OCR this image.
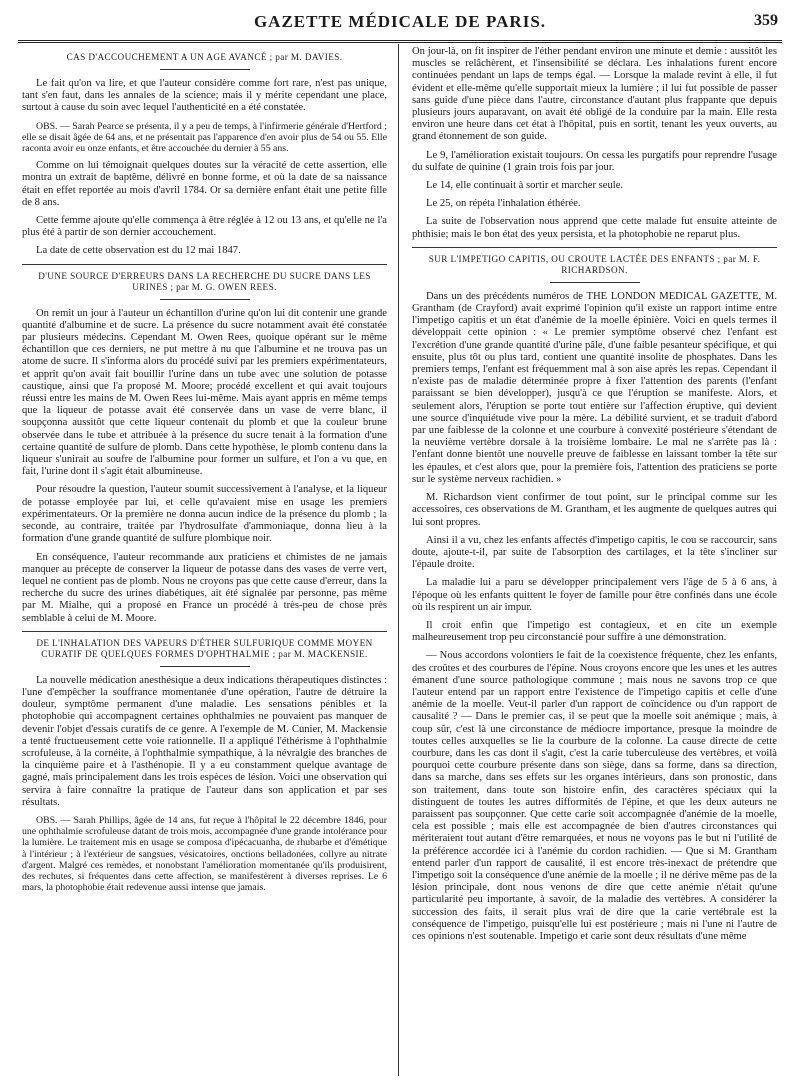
GAZETTE MÉDICALE DE PARIS.	359
CAS D'ACCOUCHEMENT A UN AGE AVANCÉ ; par M. DAVIES.

Le fait qu'on va lire, et que l'auteur considère comme fort rare, n'est pas unique, tant s'en faut, dans les annales de la science; mais il y mérite cependant une place, surtout à cause du soin avec lequel l'authenticité en a été constatée.

OBS. — Sarah Pearce se présenta, il y a peu de temps, à l'infirmerie générale d'Hertford ; elle se disait âgée de 64 ans, et ne présentait pas l'apparence d'en avoir plus de 54 ou 55. Elle raconta avoir eu onze enfants, et être accouchée du dernier à 55 ans.

Comme on lui témoignait quelques doutes sur la véracité de cette assertion, elle montra un extrait de baptême, délivré en bonne forme, et où la date de sa naissance était en effet reportée au mois d'avril 1784. Or sa dernière enfant était une petite fille de 8 ans.

Cette femme ajoute qu'elle commença à être réglée à 12 ou 13 ans, et qu'elle ne l'a plus été à partir de son dernier accouchement.

La date de cette observation est du 12 mai 1847.

D'UNE SOURCE D'ERREURS DANS LA RECHERCHE DU SUCRE DANS LES URINES ; par M. G. OWEN REES.

On remit un jour à l'auteur un échantillon d'urine qu'on lui dit contenir une grande quantité d'albumine et de sucre. La présence du sucre notamment avait été constatée par plusieurs médecins. Cependant M. Owen Rees, quoique opérant sur le même échantillon que ces derniers, ne put mettre à nu que l'albumine et ne trouva pas un atome de sucre. Il s'informa alors du procédé suivi par les premiers expérimentateurs, et apprit qu'on avait fait bouillir l'urine dans un tube avec une solution de potasse caustique, ainsi que l'a proposé M. Moore; procédé excellent et qui avait toujours réussi entre les mains de M. Owen Rees lui-même. Mais ayant appris en même temps que la liqueur de potasse avait été conservée dans un vase de verre blanc, il soupçonna aussitôt que cette liqueur contenait du plomb et que la couleur brune observée dans le tube et attribuée à la présence du sucre tenait à la formation d'une certaine quantité de sulfure de plomb. Dans cette hypothèse, le plomb contenu dans la liqueur s'unirait au soufre de l'albumine pour former un sulfure, et l'on a vu que, en fait, l'urine dont il s'agit était albumineuse.

Pour résoudre la question, l'auteur soumit successivement à l'analyse, et la liqueur de potasse employée par lui, et celle qu'avaient mise en usage les premiers expérimentateurs. Or la première ne donna aucun indice de la présence du plomb ; la seconde, au contraire, traitée par l'hydrosulfate d'ammoniaque, donna lieu à la formation d'une grande quantité de sulfure plombique noir.

En conséquence, l'auteur recommande aux praticiens et chimistes de ne jamais manquer au précepte de conserver la liqueur de potasse dans des vases de verre vert, lequel ne contient pas de plomb. Nous ne croyons pas que cette cause d'erreur, dans la recherche du sucre des urines diabétiques, ait été signalée par personne, pas même par M. Mialhe, qui a proposé en France un procédé à très-peu de chose près semblable à celui de M. Moore.

DE L'INHALATION DES VAPEURS D'ÉTHER SULFURIQUE COMME MOYEN CURATIF DE QUELQUES FORMES D'OPHTHALMIE ; par M. MACKENSIE.

La nouvelle médication anesthésique a deux indications thérapeutiques distinctes : l'une d'empêcher la souffrance momentanée d'une opération, l'autre de détruire la douleur, symptôme permanent d'une maladie. Les sensations pénibles et la photophobie qui accompagnent certaines ophthalmies ne pouvaient pas manquer de devenir l'objet d'essais curatifs de ce genre. A l'exemple de M. Cunier, M. Mackensie a tenté fructueusement cette voie rationnelle. Il a appliqué l'éthérisme à l'ophthalmie scrofuleuse, à la cornéite, à l'ophthalmie sympathique, à la névralgie des branches de la cinquième paire et à l'asthénopie. Il y a eu constamment quelque avantage de gagné, mais principalement dans les trois espèces de lésion. Voici une observation qui servira à faire connaître la pratique de l'auteur dans son application et par ses résultats.

OBS. — Sarah Phillips, âgée de 14 ans, fut reçue à l'hôpital le 22 décembre 1846, pour une ophthalmie scrofuleuse datant de trois mois, accompagnée d'une grande intolérance pour la lumière. Le traitement mis en usage se composa d'ipécacuanha, de rhubarbe et d'émétique à l'intérieur ; à l'extérieur de sangsues, vésicatoires, onctions belladonées, collyre au nitrate d'argent. Malgré ces remèdes, et nonobstant l'amélioration momentanée qu'ils produisirent, des rechutes, si fréquentes dans cette affection, se manifestèrent à diverses reprises. Le 6 mars, la photophobie était redevenue aussi intense que jamais.

On jour-là, on fit inspirer de l'éther pendant environ une minute et demie : aussitôt les muscles se relâchèrent, et l'insensibilité se déclara. Les inhalations furent encore continuées pendant un laps de temps égal. — Lorsque la malade revint à elle, il fut évident et elle-même qu'elle supportait mieux la lumière ; il lui fut possible de passer sans guide d'une pièce dans l'autre, circonstance d'autant plus frappante que depuis plusieurs jours auparavant, on avait été obligé de la conduire par la main. Elle resta environ une heure dans cet état à l'hôpital, puis en sortit, tenant les yeux ouverts, au grand étonnement de son guide.

Le 9, l'amélioration existait toujours. On cessa les purgatifs pour reprendre l'usage du sulfate de quinine (1 grain trois fois par jour.

Le 14, elle continuait à sortir et marcher seule.

Le 25, on répéta l'inhalation éthérée.

La suite de l'observation nous apprend que cette malade fut ensuite atteinte de phthisie; mais le bon état des yeux persista, et la photophobie ne reparut plus.

SUR L'IMPETIGO CAPITIS, OU CROUTE LACTÉE DES ENFANTS ; par M. F. RICHARDSON.

Dans un des précédents numéros de THE LONDON MEDICAL GAZETTE, M. Grantham (de Crayford) avait exprimé l'opinion qu'il existe un rapport intime entre l'impetigo capitis et un état d'anémie de la moelle épinière. Voici en quels termes il développait cette opinion : « Le premier symptôme observé chez l'enfant est l'excrétion d'une grande quantité d'urine pâle, d'une faible pesanteur spécifique, et qui ensuite, plus tôt ou plus tard, contient une quantité insolite de phosphates. Dans les premiers temps, l'enfant est fréquemment mal à son aise après les repas. Cependant il n'existe pas de maladie déterminée propre à fixer l'attention des parents (l'enfant paraissant se bien développer), jusqu'à ce que l'éruption se manifeste. Alors, et seulement alors, l'éruption se porte tout entière sur l'affection éruptive, qui devient une source d'inquiétude vive pour la mère. La débilité survient, et se traduit d'abord par une faiblesse de la colonne et une courbure à convexité postérieure s'étendant de la neuvième vertèbre dorsale à la troisième lombaire. Le mal ne s'arrête pas là : l'enfant donne bientôt une nouvelle preuve de faiblesse en laissant tomber la tête sur les épaules, et c'est alors que, pour la première fois, l'attention des praticiens se porte sur le système nerveux rachidien. »

M. Richardson vient confirmer de tout point, sur le principal comme sur les accessoires, ces observations de M. Grantham, et les augmente de quelques autres qui lui sont propres.

Ainsi il a vu, chez les enfants affectés d'impetigo capitis, le cou se raccourcir, sans doute, ajoute-t-il, par suite de l'absorption des cartilages, et la tête s'incliner sur l'épaule droite.

La maladie lui a paru se développer principalement vers l'âge de 5 à 6 ans, à l'époque où les enfants quittent le foyer de famille pour être confinés dans une école où ils respirent un air impur.

Il croit enfin que l'impetigo est contagieux, et en cite un exemple malheureusement trop peu circonstancié pour suffire à une démonstration.

— Nous accordons volontiers le fait de la coexistence fréquente, chez les enfants, des croûtes et des courbures de l'épine. Nous croyons encore que les unes et les autres émanent d'une source pathologique commune ; mais nous ne savons trop ce que l'auteur entend par un rapport entre l'existence de l'impetigo capitis et celle d'une anémie de la moelle. Veut-il parler d'un rapport de coïncidence ou d'un rapport de causalité ? — Dans le premier cas, il se peut que la moelle soit anémique ; mais, à coup sûr, c'est là une circonstance de médiocre importance, presque la moindre de toutes celles auxquelles se lie la courbure de la colonne. La cause directe de cette courbure, dans les cas dont il s'agit, c'est la carie tuberculeuse des vertèbres, et voilà pourquoi cette courbure présente dans son siège, dans sa forme, dans sa direction, dans sa marche, dans ses effets sur les organes intérieurs, dans son pronostic, dans son traitement, dans toute son histoire enfin, des caractères spéciaux qui la distinguent de toutes les autres difformités de l'épine, et que les deux auteurs ne paraissent pas soupçonner. Que cette carie soit accompagnée d'anémie de la moelle, cela est possible ; mais elle est accompagnée de bien d'autres circonstances qui mériteraient tout autant d'être remarquées, et nous ne voyons pas le but ni l'utilité de la préférence accordée ici à l'anémie du cordon rachidien. — Que si M. Grantham entend parler d'un rapport de causalité, il est encore très-inexact de prétendre que l'impetigo soit la conséquence d'une anémie de la moelle ; il ne dérive même pas de la lésion principale, dont nous venons de dire que cette anémie n'était qu'une particularité peu importante, à savoir, de la maladie des vertèbres. A considérer la succession des faits, il serait plus vrai de dire que la carie vertébrale est la conséquence de l'impetigo, puisqu'elle lui est postérieure ; mais ni l'une ni l'autre de ces opinions n'est soutenable. Impetigo et carie sont deux résultats d'une même
